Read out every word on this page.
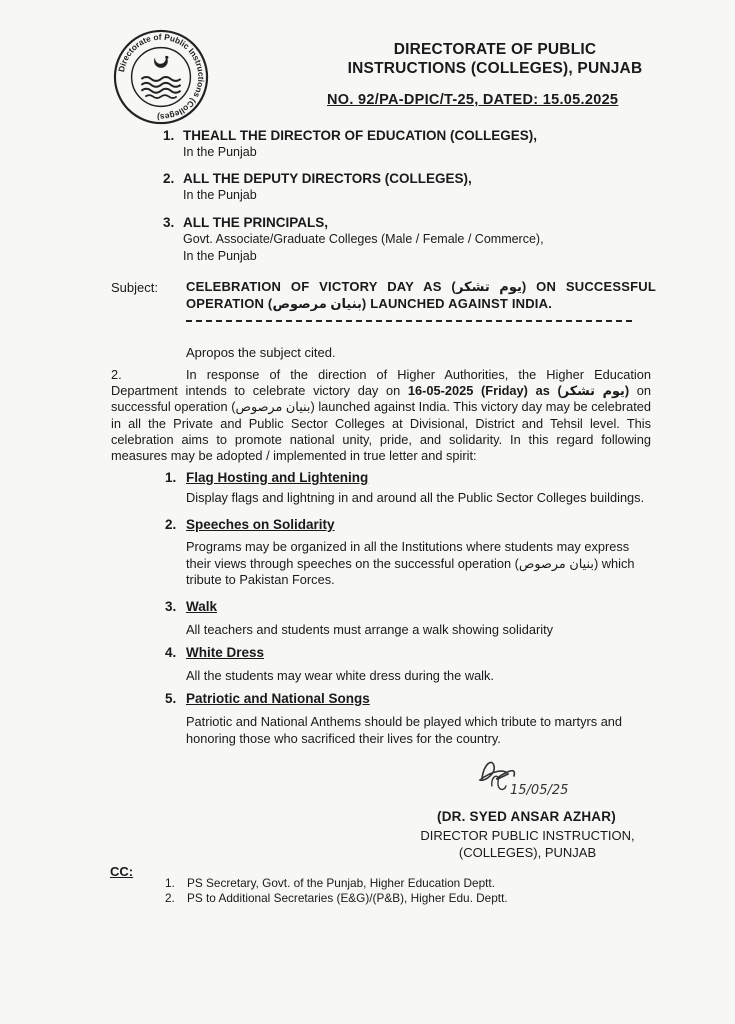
Directorate of Public Instructions (Colleges)
DIRECTORATE OF PUBLIC
INSTRUCTIONS (COLLEGES), PUNJAB
NO. 92/PA-DPIC/T-25, DATED: 15.05.2025
1. THEALL THE DIRECTOR OF EDUCATION (COLLEGES),
In the Punjab
2. ALL THE DEPUTY DIRECTORS (COLLEGES),
In the Punjab
3. ALL THE PRINCIPALS,
Govt. Associate/Graduate Colleges (Male / Female / Commerce),
In the Punjab
Subject: CELEBRATION OF VICTORY DAY AS (یوم تشکر) ON SUCCESSFUL
OPERATION (بنیان مرصوص) LAUNCHED AGAINST INDIA.
Apropos the subject cited.
2.	In response of the direction of Higher Authorities, the Higher Education Department intends to celebrate victory day on 16-05-2025 (Friday) as (یوم تشکر) on successful operation (بنیان مرصوص) launched against India. This victory day may be celebrated in all the Private and Public Sector Colleges at Divisional, District and Tehsil level. This celebration aims to promote national unity, pride, and solidarity. In this regard following measures may be adopted / implemented in true letter and spirit:
1. Flag Hosting and Lightening
Display flags and lightning in and around all the Public Sector Colleges buildings.
2. Speeches on Solidarity
Programs may be organized in all the Institutions where students may express their views through speeches on the successful operation (بنیان مرصوص) which tribute to Pakistan Forces.
3. Walk
All teachers and students must arrange a walk showing solidarity
4. White Dress
All the students may wear white dress during the walk.
5. Patriotic and National Songs
Patriotic and National Anthems should be played which tribute to martyrs and honoring those who sacrificed their lives for the country.
15/05/25
(DR. SYED ANSAR AZHAR)
DIRECTOR PUBLIC INSTRUCTION,
(COLLEGES), PUNJAB
CC:
1. PS Secretary, Govt. of the Punjab, Higher Education Deptt.
2. PS to Additional Secretaries (E&G)/(P&B), Higher Edu. Deptt.
